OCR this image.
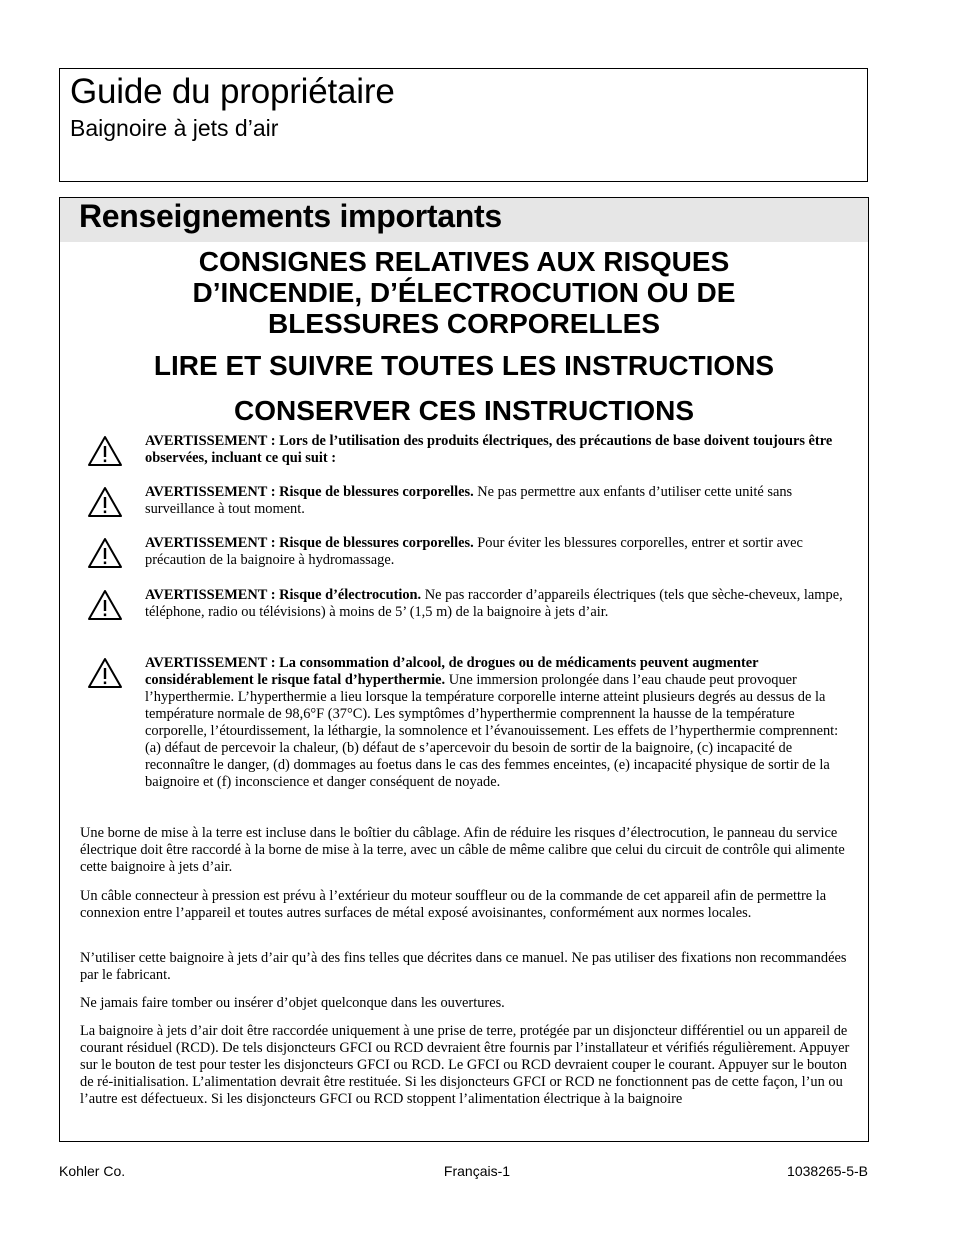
Guide du propriétaire
Baignoire à jets d’air
Renseignements importants
CONSIGNES RELATIVES AUX RISQUES
D’INCENDIE, D’ÉLECTROCUTION OU DE
BLESSURES CORPORELLES
LIRE ET SUIVRE TOUTES LES INSTRUCTIONS
CONSERVER CES INSTRUCTIONS

AVERTISSEMENT : Lors de l’utilisation des produits électriques, des précautions de base doivent toujours être observées, incluant ce qui suit :

AVERTISSEMENT : Risque de blessures corporelles. Ne pas permettre aux enfants d’utiliser cette unité sans surveillance à tout moment.

AVERTISSEMENT : Risque de blessures corporelles. Pour éviter les blessures corporelles, entrer et sortir avec précaution de la baignoire à hydromassage.

AVERTISSEMENT : Risque d’électrocution. Ne pas raccorder d’appareils électriques (tels que sèche-cheveux, lampe, téléphone, radio ou télévisions) à moins de 5’ (1,5 m) de la baignoire à jets d’air.

AVERTISSEMENT : La consommation d’alcool, de drogues ou de médicaments peuvent augmenter considérablement le risque fatal d’hyperthermie. Une immersion prolongée dans l’eau chaude peut provoquer l’hyperthermie. L’hyperthermie a lieu lorsque la température corporelle interne atteint plusieurs degrés au dessus de la température normale de 98,6°F (37°C). Les symptômes d’hyperthermie comprennent la hausse de la température corporelle, l’étourdissement, la léthargie, la somnolence et l’évanouissement. Les effets de l’hyperthermie comprennent: (a) défaut de percevoir la chaleur, (b) défaut de s’apercevoir du besoin de sortir de la baignoire, (c) incapacité de reconnaître le danger, (d) dommages au foetus dans le cas des femmes enceintes, (e) incapacité physique de sortir de la baignoire et (f) inconscience et danger conséquent de noyade.

Une borne de mise à la terre est incluse dans le boîtier du câblage. Afin de réduire les risques d’électrocution, le panneau du service électrique doit être raccordé à la borne de mise à la terre, avec un câble de même calibre que celui du circuit de contrôle qui alimente cette baignoire à jets d’air.

Un câble connecteur à pression est prévu à l’extérieur du moteur souffleur ou de la commande de cet appareil afin de permettre la connexion entre l’appareil et toutes autres surfaces de métal exposé avoisinantes, conformément aux normes locales.

N’utiliser cette baignoire à jets d’air qu’à des fins telles que décrites dans ce manuel. Ne pas utiliser des fixations non recommandées par le fabricant.

Ne jamais faire tomber ou insérer d’objet quelconque dans les ouvertures.

La baignoire à jets d’air doit être raccordée uniquement à une prise de terre, protégée par un disjoncteur différentiel ou un appareil de courant résiduel (RCD). De tels disjoncteurs GFCI ou RCD devraient être fournis par l’installateur et vérifiés régulièrement. Appuyer sur le bouton de test pour tester les disjoncteurs GFCI ou RCD. Le GFCI ou RCD devraient couper le courant. Appuyer sur le bouton de ré-initialisation. L’alimentation devrait être restituée. Si les disjoncteurs GFCI or RCD ne fonctionnent pas de cette façon, l’un ou l’autre est défectueux. Si les disjoncteurs GFCI ou RCD stoppent l’alimentation électrique à la baignoire

Kohler Co.	Français-1	1038265-5-B
